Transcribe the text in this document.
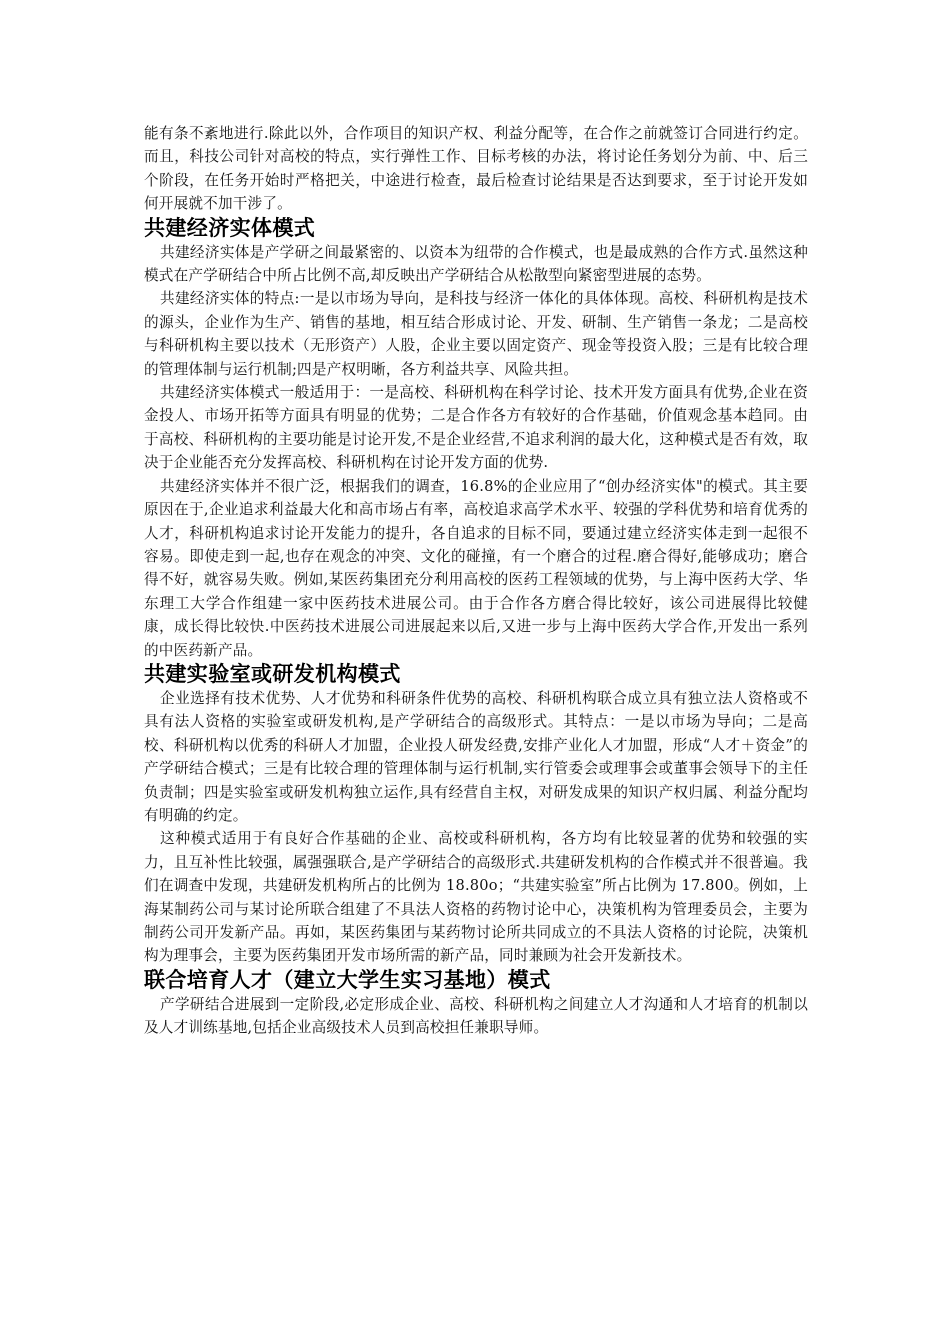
能有条不紊地进行.除此以外，合作项目的知识产权、利益分配等，在合作之前就签订合同进行约定。而且，科技公司针对高校的特点，实行弹性工作、目标考核的办法，将讨论任务划分为前、中、后三个阶段，在任务开始时严格把关，中途进行检查，最后检查讨论结果是否达到要求，至于讨论开发如何开展就不加干涉了。

共建经济实体模式

共建经济实体是产学研之间最紧密的、以资本为纽带的合作模式，也是最成熟的合作方式.虽然这种模式在产学研结合中所占比例不高,却反映出产学研结合从松散型向紧密型进展的态势。

共建经济实体的特点:一是以市场为导向，是科技与经济一体化的具体体现。高校、科研机构是技术的源头，企业作为生产、销售的基地，相互结合形成讨论、开发、研制、生产销售一条龙；二是高校与科研机构主要以技术（无形资产）人股，企业主要以固定资产、现金等投资入股；三是有比较合理的管理体制与运行机制;四是产权明晰，各方利益共享、风险共担。

共建经济实体模式一般适用于：一是高校、科研机构在科学讨论、技术开发方面具有优势,企业在资金投人、市场开拓等方面具有明显的优势；二是合作各方有较好的合作基础，价值观念基本趋同。由于高校、科研机构的主要功能是讨论开发,不是企业经营,不追求利润的最大化，这种模式是否有效，取决于企业能否充分发挥高校、科研机构在讨论开发方面的优势.

共建经济实体并不很广泛，根据我们的调查，16.8%的企业应用了“创办经济实体"的模式。其主要原因在于,企业追求利益最大化和高市场占有率，高校追求高学术水平、较强的学科优势和培育优秀的人才，科研机构追求讨论开发能力的提升，各自追求的目标不同，要通过建立经济实体走到一起很不容易。即使走到一起,也存在观念的冲突、文化的碰撞，有一个磨合的过程.磨合得好,能够成功；磨合得不好，就容易失败。例如,某医药集团充分利用高校的医药工程领域的优势，与上海中医药大学、华东理工大学合作组建一家中医药技术进展公司。由于合作各方磨合得比较好，该公司进展得比较健康，成长得比较快.中医药技术进展公司进展起来以后,又进一步与上海中医药大学合作,开发出一系列的中医药新产品。

共建实验室或研发机构模式

企业选择有技术优势、人才优势和科研条件优势的高校、科研机构联合成立具有独立法人资格或不具有法人资格的实验室或研发机构,是产学研结合的高级形式。其特点：一是以市场为导向；二是高校、科研机构以优秀的科研人才加盟，企业投人研发经费,安排产业化人才加盟，形成“人才＋资金”的产学研结合模式；三是有比较合理的管理体制与运行机制,实行管委会或理事会或董事会领导下的主任负责制；四是实验室或研发机构独立运作,具有经营自主权，对研发成果的知识产权归属、利益分配均有明确的约定。

这种模式适用于有良好合作基础的企业、高校或科研机构，各方均有比较显著的优势和较强的实力，且互补性比较强，属强强联合,是产学研结合的高级形式.共建研发机构的合作模式并不很普遍。我们在调查中发现，共建研发机构所占的比例为 18.80o；“共建实验室”所占比例为 17.800。例如，上海某制药公司与某讨论所联合组建了不具法人资格的药物讨论中心，决策机构为管理委员会，主要为制药公司开发新产品。再如，某医药集团与某药物讨论所共同成立的不具法人资格的讨论院，决策机构为理事会，主要为医药集团开发市场所需的新产品，同时兼顾为社会开发新技术。

联合培育人才（建立大学生实习基地）模式

产学研结合进展到一定阶段,必定形成企业、高校、科研机构之间建立人才沟通和人才培育的机制以及人才训练基地,包括企业高级技术人员到高校担任兼职导师。
